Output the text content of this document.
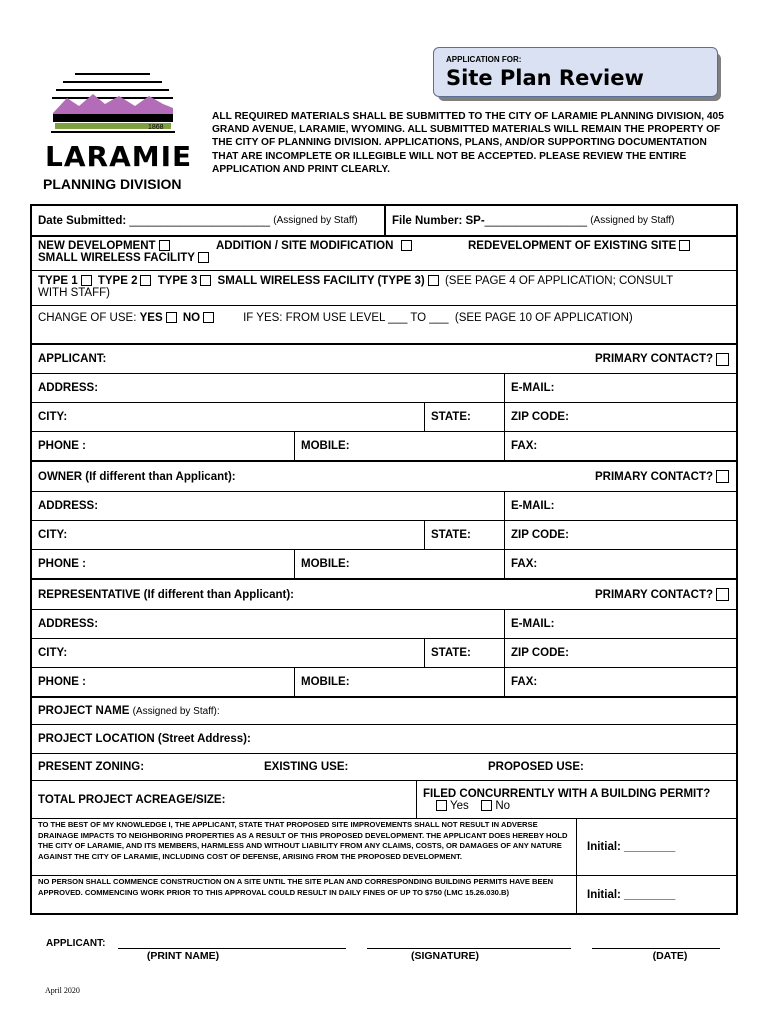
1868
LARAMIE
PLANNING DIVISION
APPLICATION FOR:
Site Plan Review
ALL REQUIRED MATERIALS SHALL BE SUBMITTED TO THE CITY OF LARAMIE PLANNING DIVISION, 405 GRAND AVENUE, LARAMIE, WYOMING. ALL SUBMITTED MATERIALS WILL REMAIN THE PROPERTY OF THE CITY OF PLANNING DIVISION. APPLICATIONS, PLANS, AND/OR SUPPORTING DOCUMENTATION THAT ARE INCOMPLETE OR ILLEGIBLE WILL NOT BE ACCEPTED. PLEASE REVIEW THE ENTIRE APPLICATION AND PRINT CLEARLY.
Date Submitted:
______________________
(Assigned by Staff)	File Number: SP- ________________
(Assigned by Staff)
NEW DEVELOPMENT	ADDITION / SITE MODIFICATION	REDEVELOPMENT OF EXISTING SITE
SMALL WIRELESS FACILITY
TYPE 1 TYPE 2 TYPE 3 SMALL WIRELESS FACILITY (TYPE 3) (SEE PAGE 4 OF APPLICATION; CONSULT
WITH STAFF)
CHANGE OF USE:
YES
NO	IF YES: FROM USE LEVEL ___ TO ___
(SEE PAGE 10 OF APPLICATION)
APPLICANT:	PRIMARY CONTACT?
ADDRESS:	E-MAIL:
CITY:	STATE:	ZIP CODE:
PHONE :	MOBILE:	FAX:
OWNER (If different than Applicant):	PRIMARY CONTACT?
ADDRESS:	E-MAIL:
CITY:	STATE:	ZIP CODE:
PHONE :	MOBILE:	FAX:
REPRESENTATIVE (If different than Applicant):	PRIMARY CONTACT?
ADDRESS:	E-MAIL:
CITY:	STATE:	ZIP CODE:
PHONE :	MOBILE:	FAX:
PROJECT NAME
(Assigned by Staff):
PROJECT LOCATION (Street Address):
PRESENT ZONING:	EXISTING USE:	PROPOSED USE:
TOTAL PROJECT ACREAGE/SIZE:	FILED CONCURRENTLY WITH A BUILDING PERMIT?
Yes No
TO THE BEST OF MY KNOWLEDGE I, THE APPLICANT, STATE THAT PROPOSED SITE IMPROVEMENTS SHALL NOT RESULT IN ADVERSE DRAINAGE IMPACTS TO NEIGHBORING PROPERTIES AS A RESULT OF THIS PROPOSED DEVELOPMENT. THE APPLICANT DOES HEREBY HOLD THE CITY OF LARAMIE, AND ITS MEMBERS, HARMLESS AND WITHOUT LIABILITY FROM ANY CLAIMS, COSTS, OR DAMAGES OF ANY NATURE AGAINST THE CITY OF LARAMIE, INCLUDING COST OF DEFENSE, ARISING FROM THE PROPOSED DEVELOPMENT.
Initial: ________
NO PERSON SHALL COMMENCE CONSTRUCTION ON A SITE UNTIL THE SITE PLAN AND CORRESPONDING BUILDING PERMITS HAVE BEEN APPROVED. COMMENCING WORK PRIOR TO THIS APPROVAL COULD RESULT IN DAILY FINES OF UP TO $750 (LMC 15.26.030.B)	Initial: ________
APPLICANT:
(PRINT NAME)	(SIGNATURE)	(DATE)
April 2020
